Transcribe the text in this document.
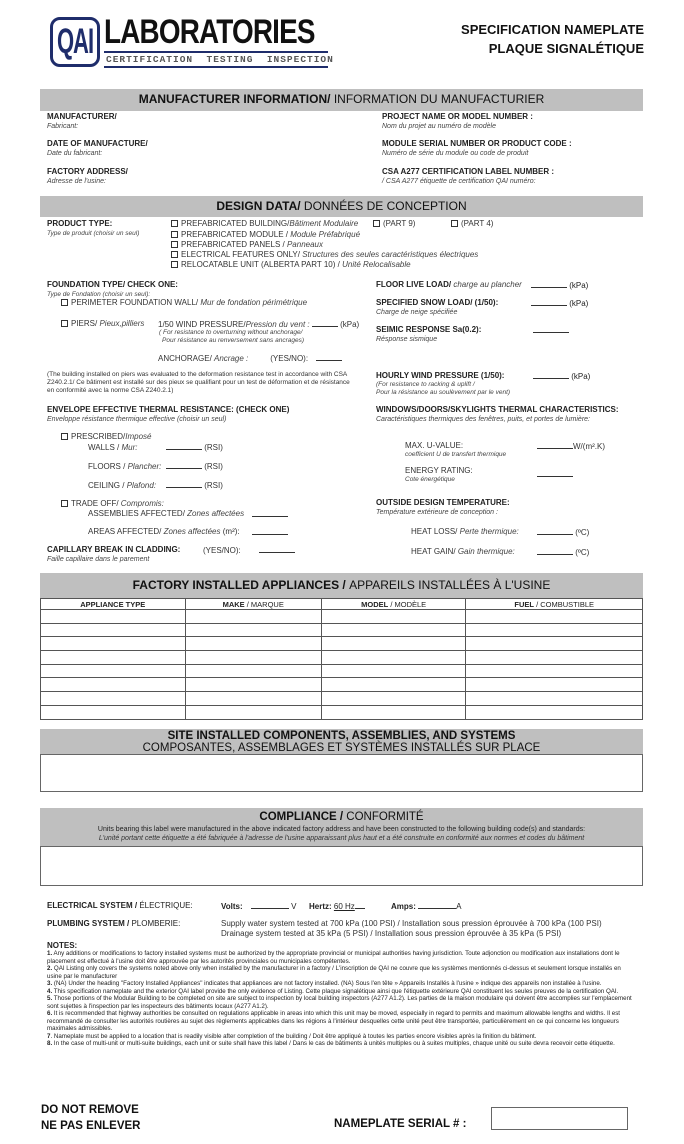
QAI LABORATORIES
CERTIFICATION  TESTING  INSPECTION
SPECIFICATION NAMEPLATE
PLAQUE SIGNALÉTIQUE
MANUFACTURER INFORMATION/ INFORMATION DU MANUFACTURIER
MANUFACTURER/
Fabricant:
DATE OF MANUFACTURE/
Date du fabricant:
FACTORY ADDRESS/
Adresse de l'usine:
PROJECT NAME OR MODEL NUMBER :
Nom du projet au numéro de modèle
MODULE SERIAL NUMBER OR PRODUCT CODE :
Numéro de série du module ou code de produit
CSA A277 CERTIFICATION LABEL NUMBER :
/ CSA A277 étiquette de certification QAI numéro:
DESIGN DATA/ DONNÉES DE CONCEPTION
PRODUCT TYPE:
Type de produit (choisir un seul)
PREFABRICATED BUILDING/Bâtiment Modulaire
PREFABRICATED MODULE / Module Préfabriqué
PREFABRICATED PANELS / Panneaux
ELECTRICAL FEATURES ONLY/ Structures des seules caractéristiques électriques
RELOCATABLE UNIT (ALBERTA PART 10) / Unité Relocalisable
(PART 9)	(PART 4)
FOUNDATION TYPE/ CHECK ONE:
Type de Fondation (choisir un seul):
PERIMETER FOUNDATION WALL/ Mur de fondation périmétrique
PIERS/ Pieux,pilliers 1/50 WIND PRESSURE/Pression du vent :	(kPa)
( For resistance to overturning without anchorage/
Pour résistance au renversement sans ancrages)
ANCHORAGE/ Ancrage :	(YES/NO):
(The building installed on piers was evaluated to the deformation resistance test in accordance with CSA Z240.2.1/ Ce bâtiment est installé sur des pieux se qualifiant pour un test de déformation et de résistance en conformité avec la norme CSA Z240.2.1)
FLOOR LIVE LOAD/ charge au plancher	(kPa)
SPECIFIED SNOW LOAD/ (1/50):
Charge de neige spécifiée
(kPa)
SEIMIC RESPONSE Sa(0.2):
Résponse sismique
HOURLY WIND PRESSURE (1/50):
(For resistance to racking & uplift /
Pour la résistance au soulèvement par le vent)
(kPa)
ENVELOPE EFFECTIVE THERMAL RESISTANCE: (CHECK ONE)
Enveloppe résistance thermique effective (choisir un seul)
PRESCRIBED/Imposé
WALLS / Mur:	(RSI)
FLOORS / Plancher:	(RSI)
CEILING / Plafond:	(RSI)
TRADE OFF/ Compromis:
ASSEMBLIES AFFECTED/ Zones affectées
AREAS AFFECTED/ Zones affectées (m²):
CAPILLARY BREAK IN CLADDING:
Faille capillaire dans le parement
(YES/NO):
WINDOWS/DOORS/SKYLIGHTS THERMAL CHARACTERISTICS:
Caractéristiques thermiques des fenêtres, puits, et portes de lumière:
MAX. U-VALUE:
coefficient U de transfert thermique
W/(m².K)
ENERGY RATING:
Cote énergétique
OUTSIDE DESIGN TEMPERATURE:
Température extérieure de conception :
HEAT LOSS/ Perte thermique:	(ºC)
HEAT GAIN/ Gain thermique:	(ºC)
FACTORY INSTALLED APPLIANCES / APPAREILS INSTALLÉES À L'USINE
APPLIANCE TYPE	MAKE / MARQUE	MODEL / MODÈLE	FUEL / COMBUSTIBLE

SITE INSTALLED COMPONENTS, ASSEMBLIES, AND SYSTEMS
COMPOSANTES, ASSEMBLAGES ET SYSTÈMES INSTALLÉS SUR PLACE
COMPLIANCE / CONFORMITÉ
Units bearing this label were manufactured in the above indicated factory address and have been constructed to the following building code(s) and standards:
L'unité portant cette étiquette a été fabriquée à l'adresse de l'usine apparaissant plus haut et a été construite en conformité aux normes et codes du bâtiment
ELECTRICAL SYSTEM / ÉLECTRIQUE:	Volts:	V Hertz: 60 Hz	Amps:	A
PLUMBING SYSTEM / PLOMBERIE:	Supply water system tested at 700 kPa (100 PSI) / Installation sous pression éprouvée à 700 kPa (100 PSI)
Drainage system tested at 35 kPa (5 PSI) / Installation sous pression éprouvée à 35 kPa (5 PSI)
NOTES:
1. Any additions or modifications to factory installed systems must be authorized by the appropriate provincial or municipal authorities having jurisdiction. Toute adjonction ou modification aux installations dont le placement est effectué à l'usine doit être approuvée par les autorités provinciales ou municipales compétentes.
2. QAI Listing only covers the systems noted above only when installed by the manufacturer in a factory / L'inscription de QAI ne couvre que les systèmes mentionnés ci-dessus et seulement lorsque installés en usine par le manufacturer
3. (NA) Under the heading "Factory Installed Appliances" indicates that appliances are not factory installed. (NA) Sous l'en tête » Appareils Installés à l'usine » indique des appareils non installée à l'usine.
4. This specification nameplate and the exterior QAI label provide the only evidence of Listing. Cette plaque signalétique ainsi que l'étiquette extérieure QAI constituent les seules preuves de la certification QAI.
5. Those portions of the Modular Building to be completed on site are subject to inspection by local building inspectors (A277 A1.2). Les parties de la maison modulaire qui doivent être accomplies sur l'emplacement sont sujettes à l'inspection par les inspecteurs des bâtiments locaux (A277 A1.2).
6. It is recommended that highway authorities be consulted on regulations applicable in areas into which this unit may be moved, especially in regard to permits and maximum allowable lengths and widths. Il est recommandé de consulter les autorités routières au sujet des règlements applicables dans les régions à l'intérieur desquelles cette unité peut être transportée, particulièrement en ce qui concerne les longueurs maximales admissibles.
7. Nameplate must be applied to a location that is readily visible after completion of the building / Doit être appliqué à toutes les parties encore visibles après la finition du bâtiment.
8. In the case of multi-unit or multi-suite buildings, each unit or suite shall have this label / Dans le cas de bâtiments à unités multiples ou à suites multiples, chaque unité ou suite devra recevoir cette étiquette.
DO NOT REMOVE
NE PAS ENLEVER	NAMEPLATE SERIAL # :
